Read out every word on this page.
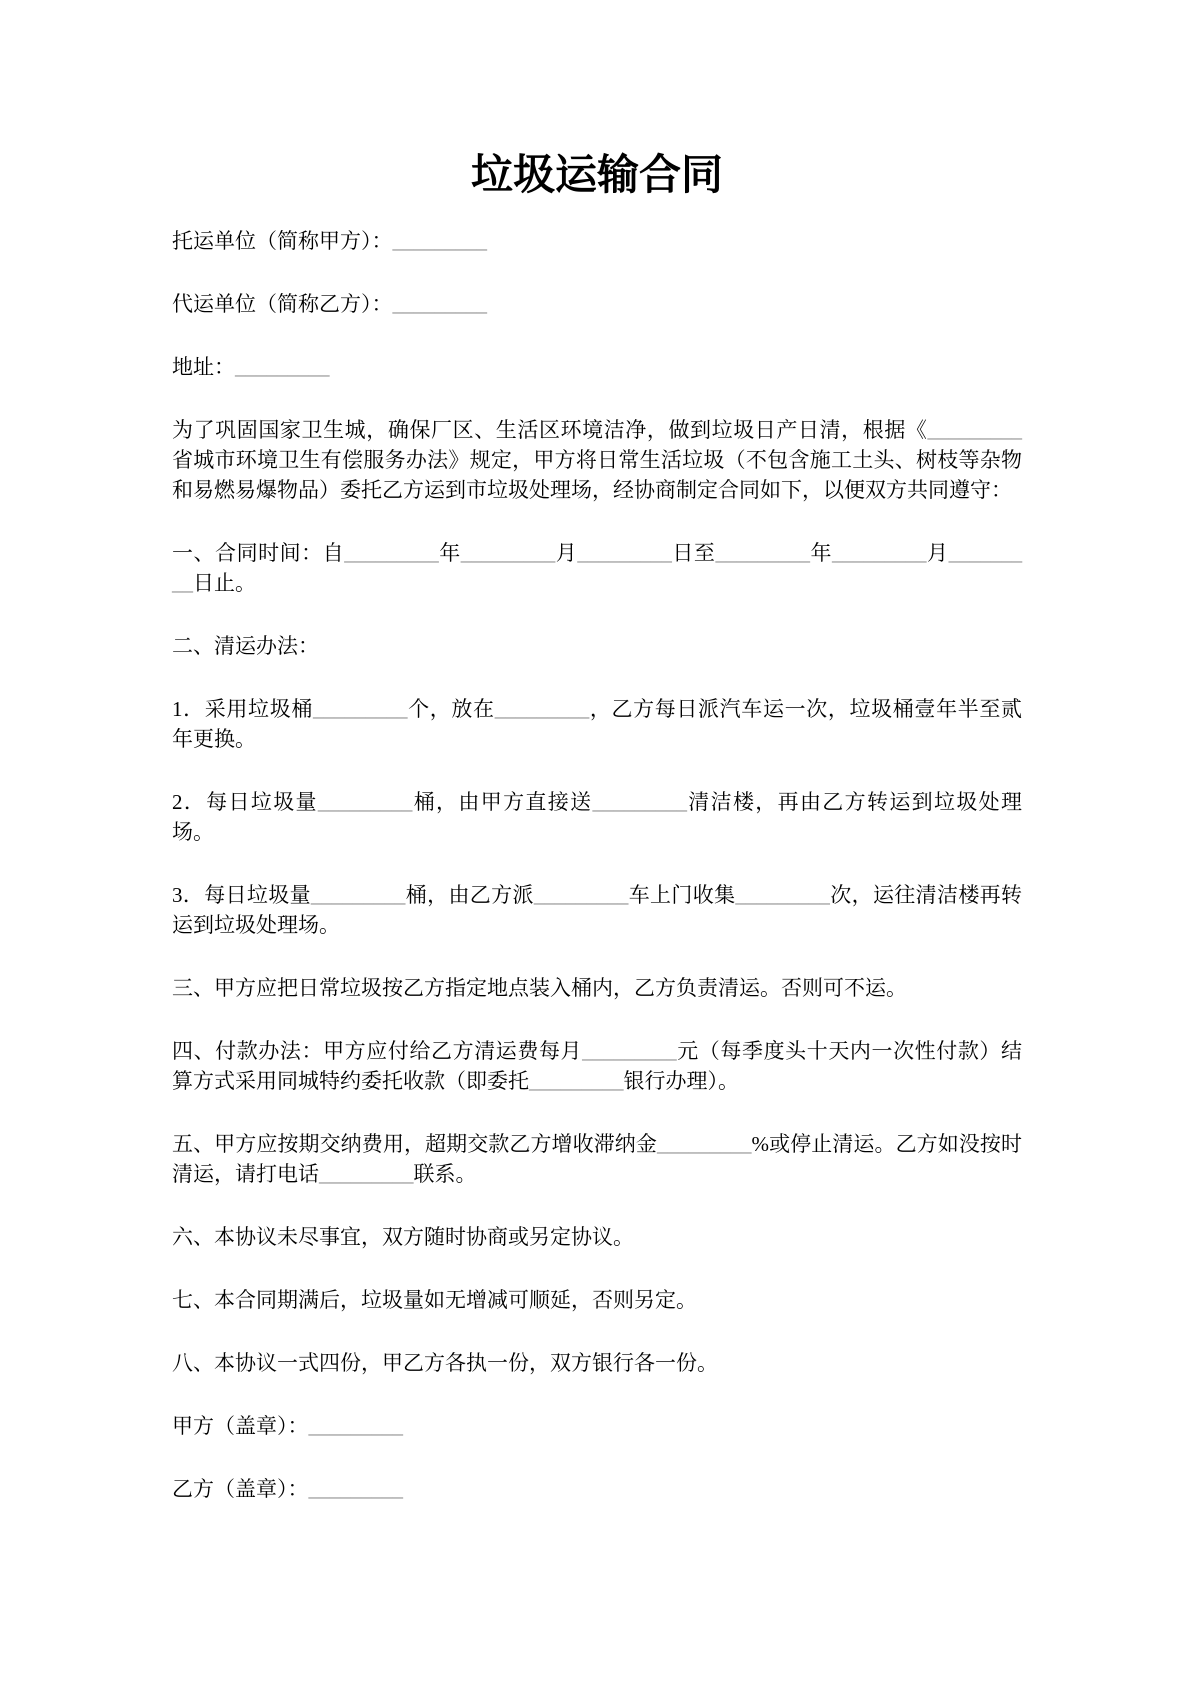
垃圾运输合同

托运单位（简称甲方）：_________

代运单位（简称乙方）：_________

地址：_________

为了巩固国家卫生城，确保厂区、生活区环境洁净，做到垃圾日产日清，根据《_________省城市环境卫生有偿服务办法》规定，甲方将日常生活垃圾（不包含施工土头、树枝等杂物和易燃易爆物品）委托乙方运到市垃圾处理场，经协商制定合同如下，以便双方共同遵守：

一、合同时间：自_________年_________月_________日至_________年_________月_________日止。

二、清运办法：

1．采用垃圾桶_________个，放在_________，乙方每日派汽车运一次，垃圾桶壹年半至贰年更换。

2．每日垃圾量_________桶，由甲方直接送_________清洁楼，再由乙方转运到垃圾处理场。

3．每日垃圾量_________桶，由乙方派_________车上门收集_________次，运往清洁楼再转运到垃圾处理场。

三、甲方应把日常垃圾按乙方指定地点装入桶内，乙方负责清运。否则可不运。

四、付款办法：甲方应付给乙方清运费每月_________元（每季度头十天内一次性付款）结算方式采用同城特约委托收款（即委托_________银行办理）。

五、甲方应按期交纳费用，超期交款乙方增收滞纳金_________%或停止清运。乙方如没按时清运，请打电话_________联系。

六、本协议未尽事宜，双方随时协商或另定协议。

七、本合同期满后，垃圾量如无增减可顺延，否则另定。

八、本协议一式四份，甲乙方各执一份，双方银行各一份。

甲方（盖章）：_________

乙方（盖章）：_________
